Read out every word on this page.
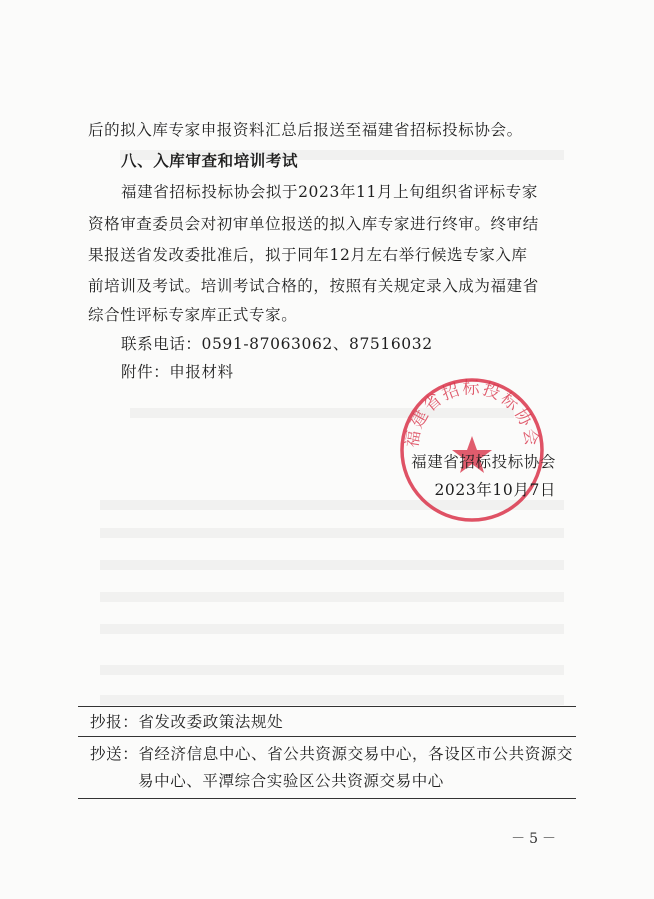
后的拟入库专家申报资料汇总后报送至福建省招标投标协会。
八、入库审查和培训考试
福建省招标投标协会拟于2023年11月上旬组织省评标专家
资格审查委员会对初审单位报送的拟入库专家进行终审。终审结
果报送省发改委批准后，拟于同年12月左右举行候选专家入库
前培训及考试。培训考试合格的，按照有关规定录入成为福建省
综合性评标专家库正式专家。
联系电话：0591-87063062、87516032
附件：申报材料
福建省招标投标协会
福建省招标投标协会
2023年10月7日
抄报：省发改委政策法规处
抄送：省经济信息中心、省公共资源交易中心，各设区市公共资源交
易中心、平潭综合实验区公共资源交易中心
－5－
